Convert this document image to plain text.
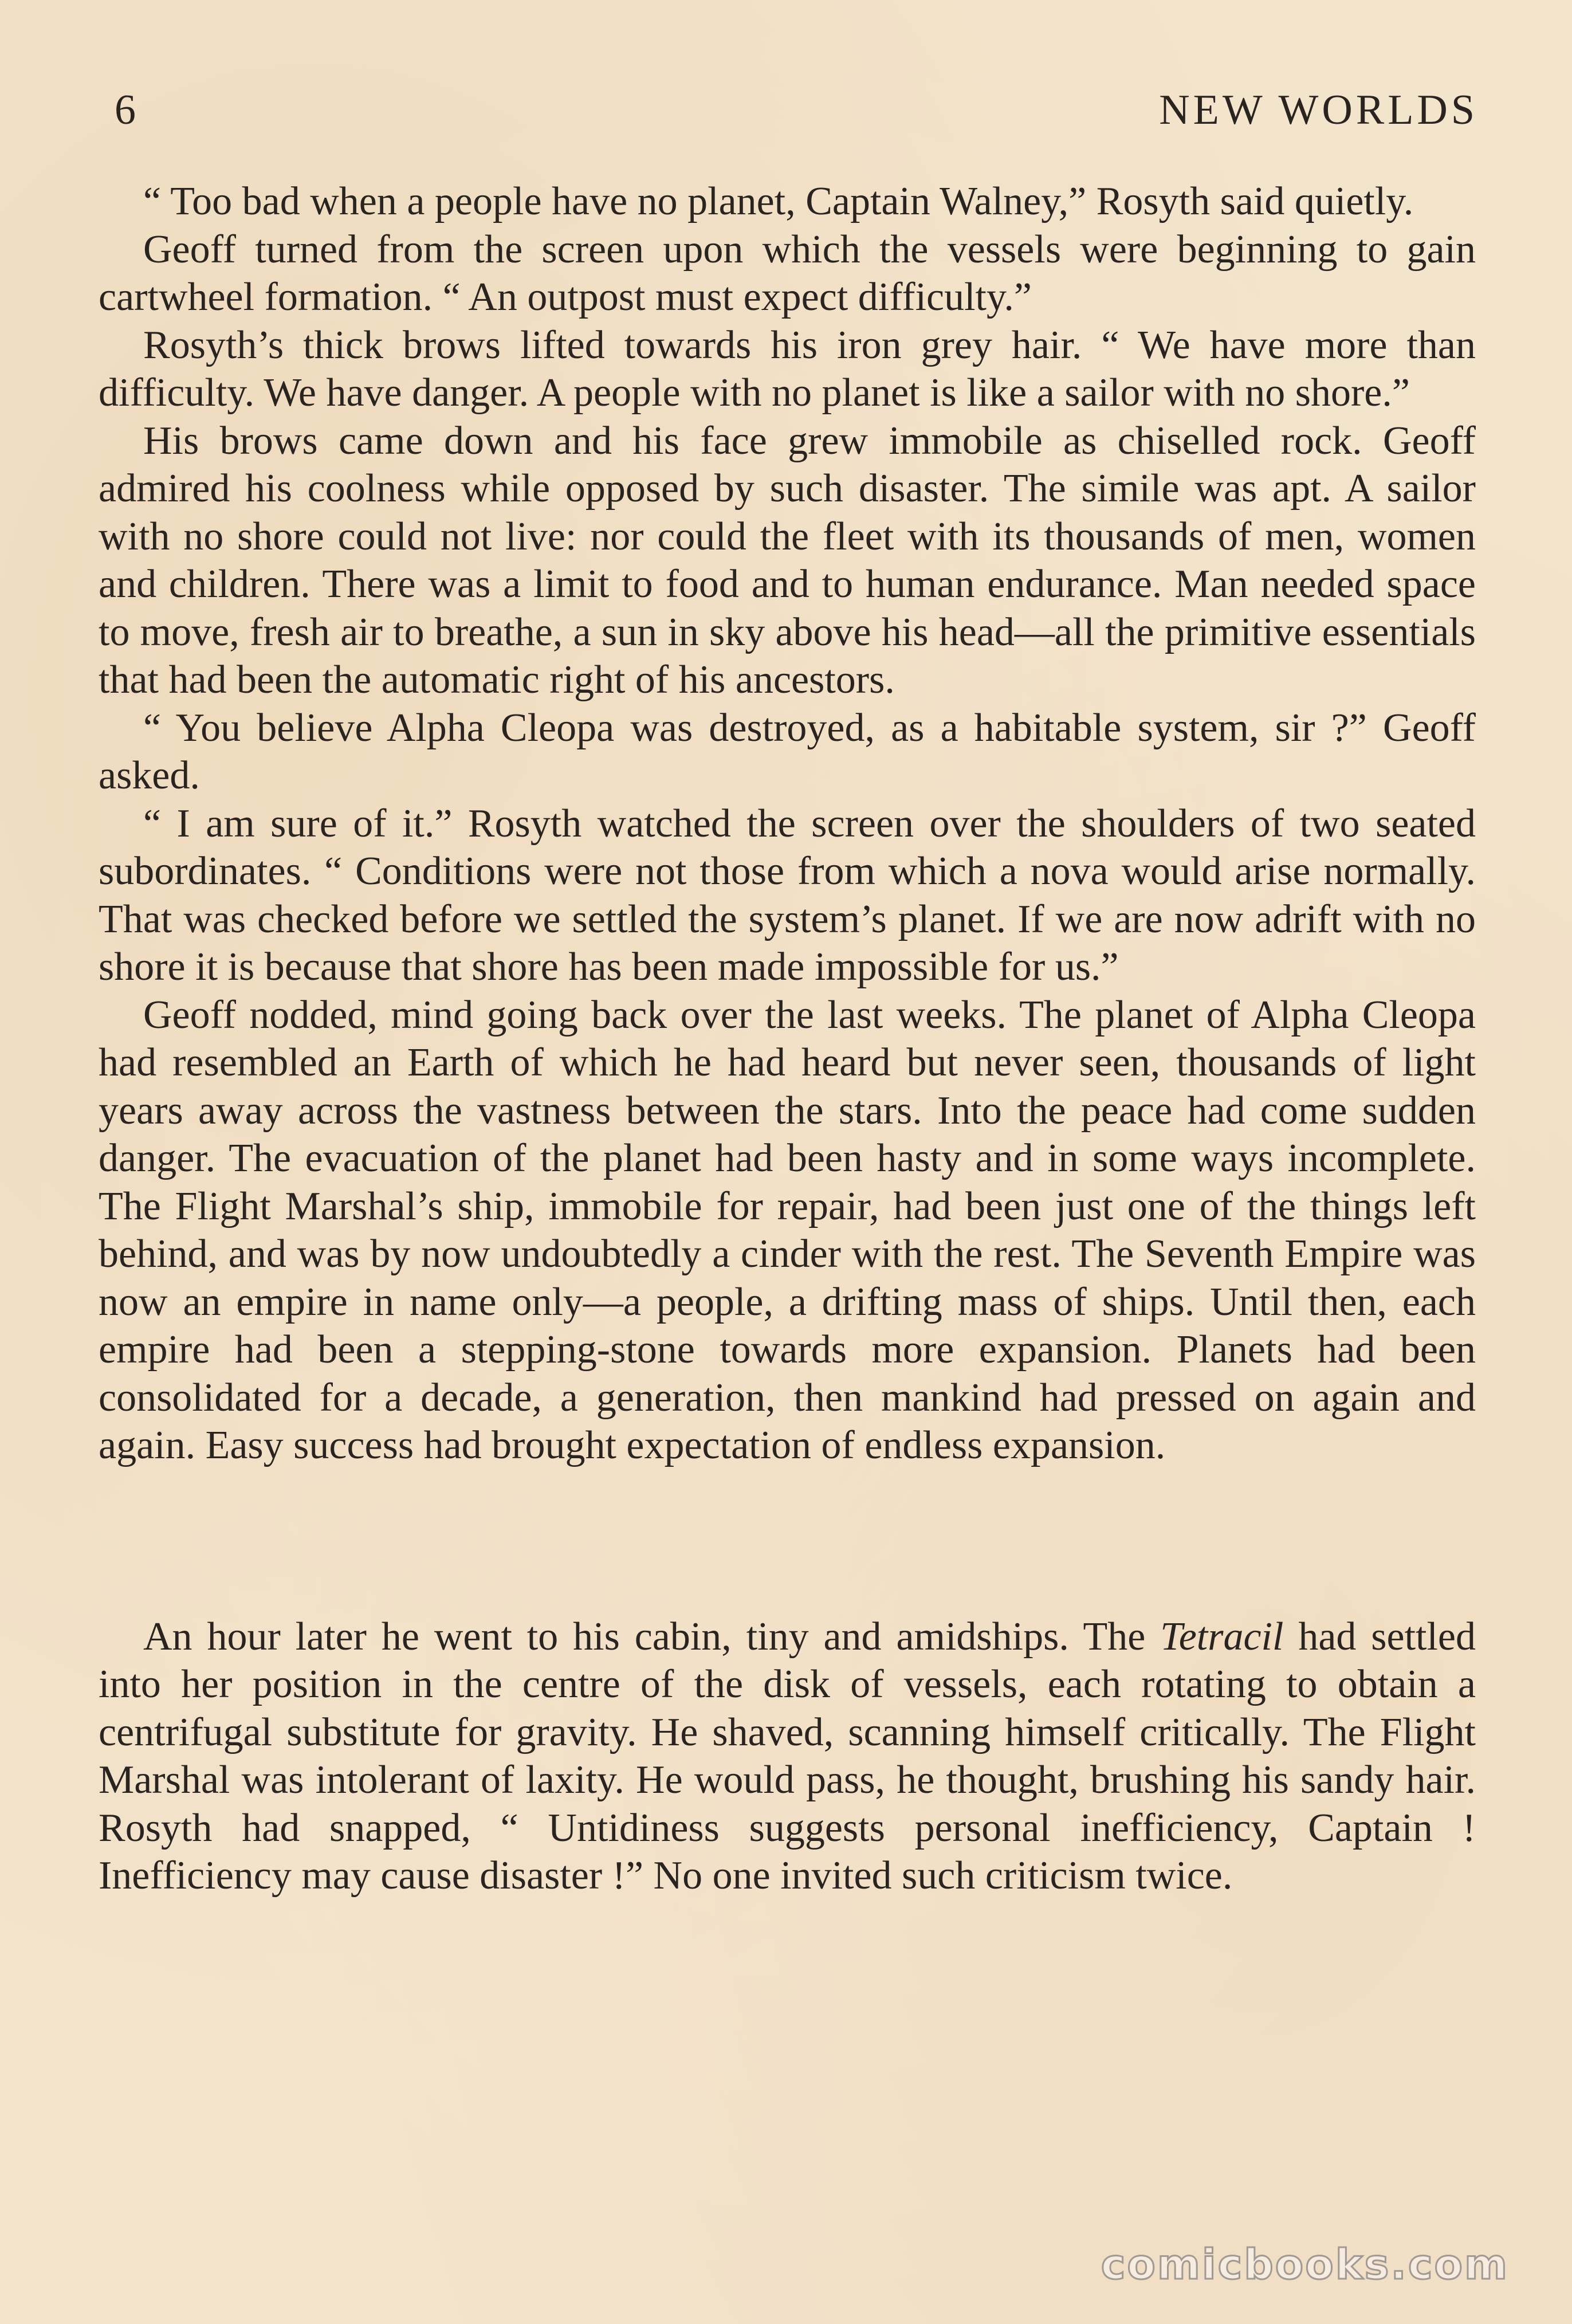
6	NEW WORLDS

“ Too bad when a people have no planet, Captain Walney,” Rosyth said quietly.

Geoff turned from the screen upon which the vessels were beginning to gain cartwheel formation. “ An outpost must expect difficulty.”

Rosyth’s thick brows lifted towards his iron grey hair. “ We have more than difficulty. We have danger. A people with no planet is like a sailor with no shore.”

His brows came down and his face grew immobile as chiselled rock. Geoff admired his coolness while opposed by such disaster. The simile was apt. A sailor with no shore could not live: nor could the fleet with its thousands of men, women and children. There was a limit to food and to human endurance. Man needed space to move, fresh air to breathe, a sun in sky above his head—all the primitive essentials that had been the automatic right of his ancestors.

“ You believe Alpha Cleopa was destroyed, as a habitable system, sir ?” Geoff asked.

“ I am sure of it.” Rosyth watched the screen over the shoulders of two seated subordinates. “ Conditions were not those from which a nova would arise normally. That was checked before we settled the system’s planet. If we are now adrift with no shore it is because that shore has been made impossible for us.”

Geoff nodded, mind going back over the last weeks. The planet of Alpha Cleopa had resembled an Earth of which he had heard but never seen, thousands of light years away across the vastness between the stars. Into the peace had come sudden danger. The evacuation of the planet had been hasty and in some ways incomplete. The Flight Marshal’s ship, immobile for repair, had been just one of the things left behind, and was by now undoubtedly a cinder with the rest. The Seventh Empire was now an empire in name only—a people, a drifting mass of ships. Until then, each empire had been a stepping-stone towards more expansion. Planets had been consolidated for a decade, a generation, then mankind had pressed on again and again. Easy success had brought expectation of endless expansion.

An hour later he went to his cabin, tiny and amidships. The Tetracil had settled into her position in the centre of the disk of vessels, each rotating to obtain a centrifugal substitute for gravity. He shaved, scanning himself critically. The Flight Marshal was intolerant of laxity. He would pass, he thought, brushing his sandy hair. Rosyth had snapped, “ Untidiness suggests personal inefficiency, Captain ! Inefficiency may cause disaster !” No one invited such criticism twice.

comicbooks.com
